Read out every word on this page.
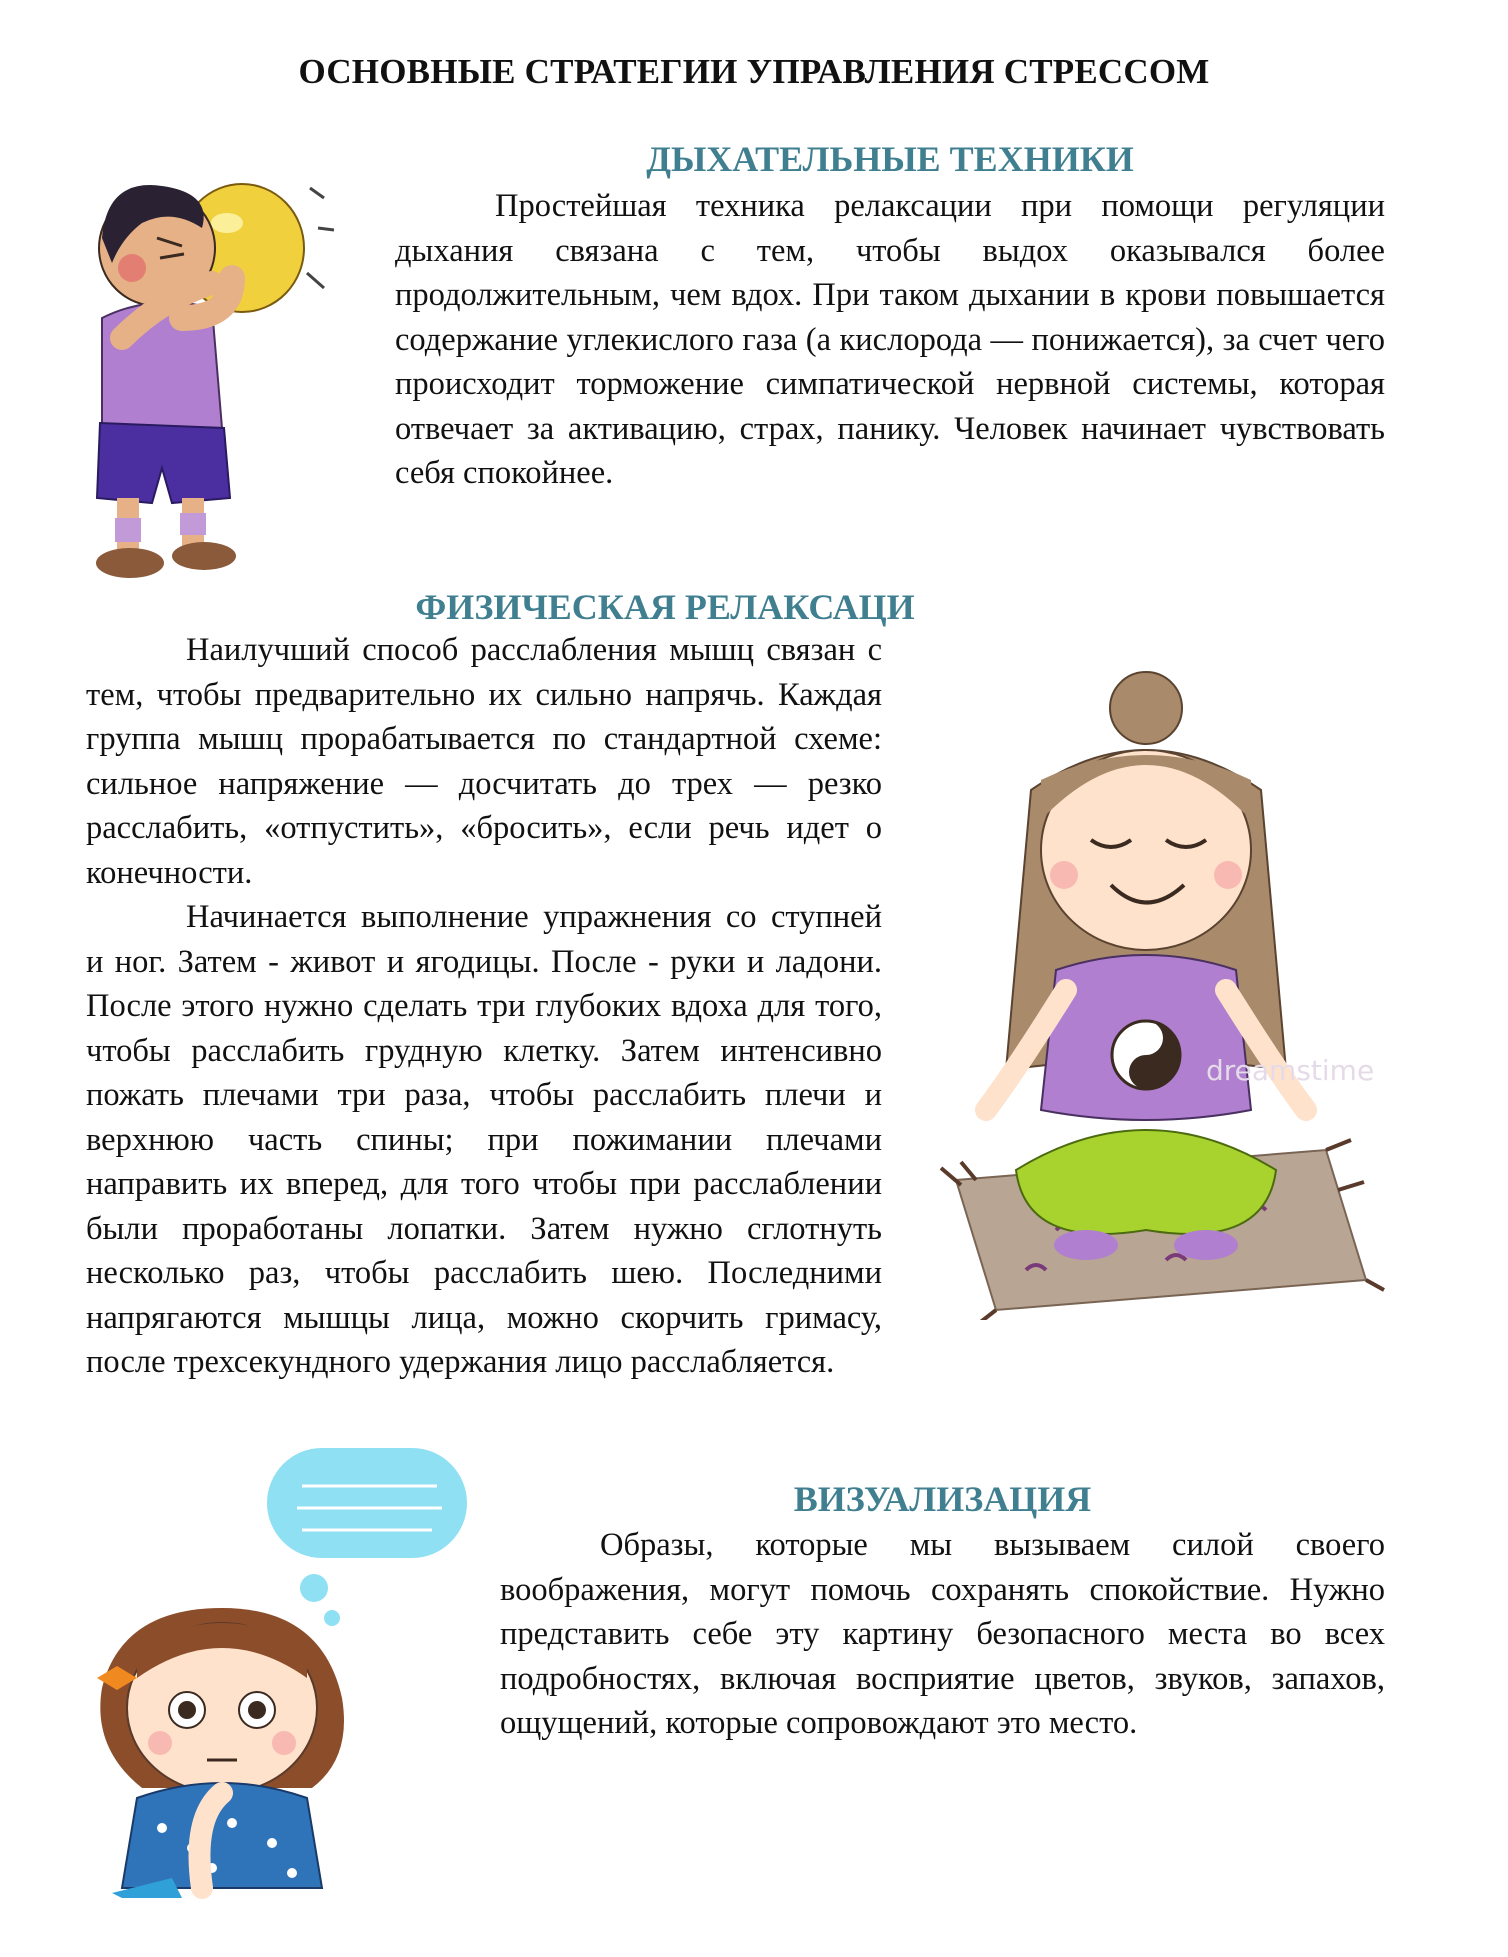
ОСНОВНЫЕ СТРАТЕГИИ УПРАВЛЕНИЯ СТРЕССОМ
ДЫХАТЕЛЬНЫЕ ТЕХНИКИ

Простейшая техника релаксации при помощи регуляции дыхания связана с тем, чтобы выдох оказывался более продолжительным, чем вдох. При таком дыхании в крови повышается содержание углекислого газа (а кислорода — понижается), за счет чего происходит торможение симпатической нервной системы, которая отвечает за активацию, страх, панику. Человек начинает чувствовать себя спокойнее.

ФИЗИЧЕСКАЯ РЕЛАКСАЦИ
dreamstime

Наилучший способ расслабления мышц связан с тем, чтобы предварительно их сильно напрячь. Каждая группа мышц прорабатывается по стандартной схеме: сильное напряжение — досчитать до трех — резко расслабить, «отпустить», «бросить», если речь идет о конечности.

Начинается выполнение упражнения со ступней и ног. Затем - живот и ягодицы. После - руки и ладони. После этого нужно сделать три глубоких вдоха для того, чтобы расслабить грудную клетку. Затем интенсивно пожать плечами три раза, чтобы расслабить плечи и верхнюю часть спины; при пожимании плечами направить их вперед, для того чтобы при расслаблении были проработаны лопатки. Затем нужно сглотнуть несколько раз, чтобы расслабить шею. Последними напрягаются мышцы лица, можно скорчить гримасу, после трехсекундного удержания лицо расслабляется.

ВИЗУАЛИЗАЦИЯ

Образы, которые мы вызываем силой своего воображения, могут помочь сохранять спокойствие. Нужно представить себе эту картину безопасного места во всех подробностях, включая восприятие цветов, звуков, запахов, ощущений, которые сопровождают это место.
